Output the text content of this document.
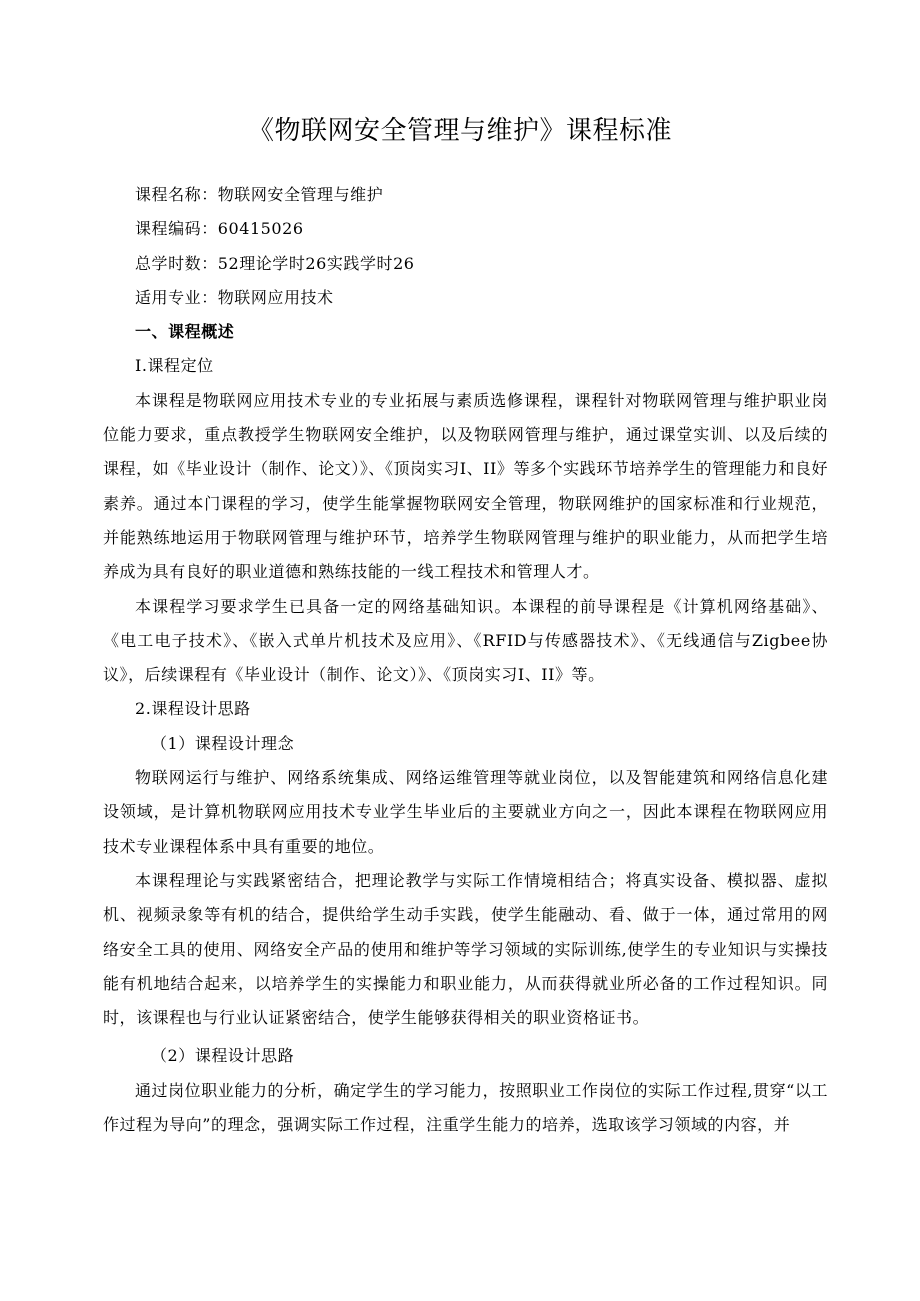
《物联网安全管理与维护》课程标准

课程名称：物联网安全管理与维护

课程编码：60415026

总学时数：52理论学时26实践学时26

适用专业：物联网应用技术

一、课程概述

I.课程定位

本课程是物联网应用技术专业的专业拓展与素质选修课程，课程针对物联网管理与维护职业岗位能力要求，重点教授学生物联网安全维护，以及物联网管理与维护，通过课堂实训、以及后续的课程，如《毕业设计（制作、论文）》、《顶岗实习I、II》等多个实践环节培养学生的管理能力和良好素养。通过本门课程的学习，使学生能掌握物联网安全管理，物联网维护的国家标准和行业规范，并能熟练地运用于物联网管理与维护环节，培养学生物联网管理与维护的职业能力，从而把学生培养成为具有良好的职业道德和熟练技能的一线工程技术和管理人才。

本课程学习要求学生已具备一定的网络基础知识。本课程的前导课程是《计算机网络基础》、《电工电子技术》、《嵌入式单片机技术及应用》、《RFID与传感器技术》、《无线通信与Zigbee协议》，后续课程有《毕业设计（制作、论文）》、《顶岗实习I、II》等。

2.课程设计思路

（1）课程设计理念

物联网运行与维护、网络系统集成、网络运维管理等就业岗位，以及智能建筑和网络信息化建设领域，是计算机物联网应用技术专业学生毕业后的主要就业方向之一，因此本课程在物联网应用技术专业课程体系中具有重要的地位。

本课程理论与实践紧密结合，把理论教学与实际工作情境相结合；将真实设备、模拟器、虚拟机、视频录象等有机的结合，提供给学生动手实践，使学生能融动、看、做于一体，通过常用的网络安全工具的使用、网络安全产品的使用和维护等学习领域的实际训练,使学生的专业知识与实操技能有机地结合起来，以培养学生的实操能力和职业能力，从而获得就业所必备的工作过程知识。同时，该课程也与行业认证紧密结合，使学生能够获得相关的职业资格证书。

（2）课程设计思路

通过岗位职业能力的分析，确定学生的学习能力，按照职业工作岗位的实际工作过程,贯穿“以工作过程为导向”的理念，强调实际工作过程，注重学生能力的培养，选取该学习领域的内容，并
